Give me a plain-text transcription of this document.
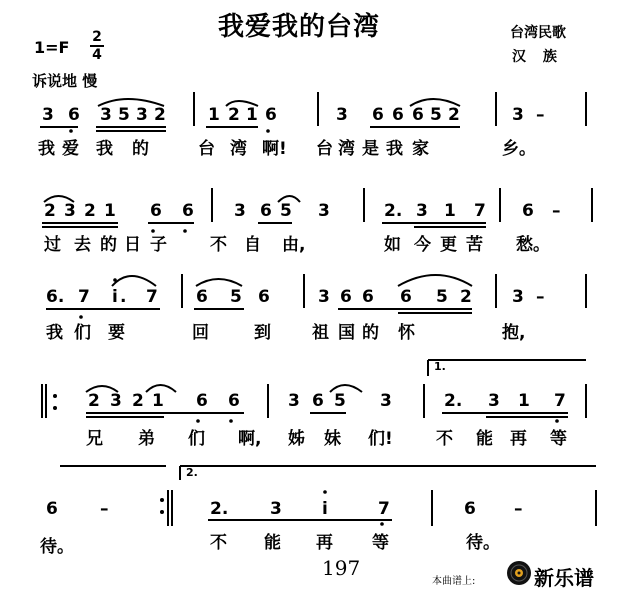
我爱我的台湾	台湾民歌
汉 族
1=F
2
4
诉说地 慢
3 6 3 5 3 2 1 2 1 6	3 6 6 6 5 2	3 –
2 3 2 1 6 6 3 6 5 3	2. 3 1 7 6 –
6. 7 i . 7 6 5 6	3 6 6 6 5 2 3 –
2 3 2 1 6 6	3 6 5 3	2. 3 1 7
6 –	2. 3 i	7	6 –
我 爱 我 的	台 湾 啊! 台 湾 是 我 家	乡。
过 去 的 日 子	不 自 由,	如 今 更 苦 愁。
我 们 要	回	到 祖 国 的 怀	抱,
兄 弟 们 啊, 姊 妹 们!	不 能 再 等
待。	不 能 再 等	待。
1.
2.
197
本曲谱上:	新乐谱
